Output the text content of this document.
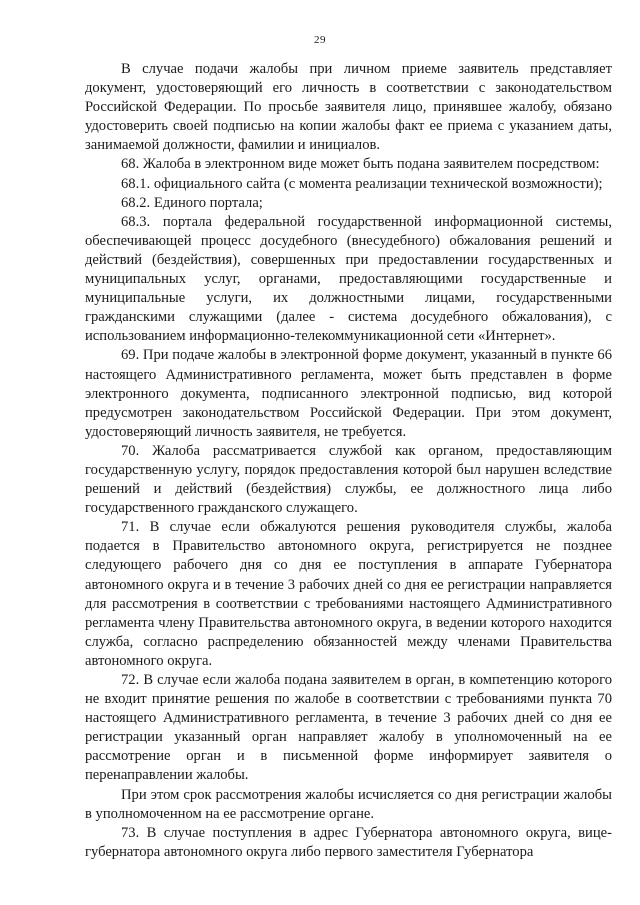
29

В случае подачи жалобы при личном приеме заявитель представляет документ, удостоверяющий его личность в соответствии с законодательством Российской Федерации. По просьбе заявителя лицо, принявшее жалобу, обязано удостоверить своей подписью на копии жалобы факт ее приема с указанием даты, занимаемой должности, фамилии и инициалов.

68. Жалоба в электронном виде может быть подана заявителем посредством:

68.1. официального сайта (с момента реализации технической возможности);

68.2. Единого портала;

68.3. портала федеральной государственной информационной системы, обеспечивающей процесс досудебного (внесудебного) обжалования решений и действий (бездействия), совершенных при предоставлении государственных и муниципальных услуг, органами, предоставляющими государственные и муниципальные услуги, их должностными лицами, государственными гражданскими служащими (далее - система досудебного обжалования), с использованием информационно-телекоммуникационной сети «Интернет».

69. При подаче жалобы в электронной форме документ, указанный в пункте 66 настоящего Административного регламента, может быть представлен в форме электронного документа, подписанного электронной подписью, вид которой предусмотрен законодательством Российской Федерации. При этом документ, удостоверяющий личность заявителя, не требуется.

70. Жалоба рассматривается службой как органом, предоставляющим государственную услугу, порядок предоставления которой был нарушен вследствие решений и действий (бездействия) службы, ее должностного лица либо государственного гражданского служащего.

71. В случае если обжалуются решения руководителя службы, жалоба подается в Правительство автономного округа, регистрируется не позднее следующего рабочего дня со дня ее поступления в аппарате Губернатора автономного округа и в течение 3 рабочих дней со дня ее регистрации направляется для рассмотрения в соответствии с требованиями настоящего Административного регламента члену Правительства автономного округа, в ведении которого находится служба, согласно распределению обязанностей между членами Правительства автономного округа.

72. В случае если жалоба подана заявителем в орган, в компетенцию которого не входит принятие решения по жалобе в соответствии с требованиями пункта 70 настоящего Административного регламента, в течение 3 рабочих дней со дня ее регистрации указанный орган направляет жалобу в уполномоченный на ее рассмотрение орган и в письменной форме информирует заявителя о перенаправлении жалобы.

При этом срок рассмотрения жалобы исчисляется со дня регистрации жалобы в уполномоченном на ее рассмотрение органе.

73. В случае поступления в адрес Губернатора автономного округа, вице-губернатора автономного округа либо первого заместителя Губернатора
